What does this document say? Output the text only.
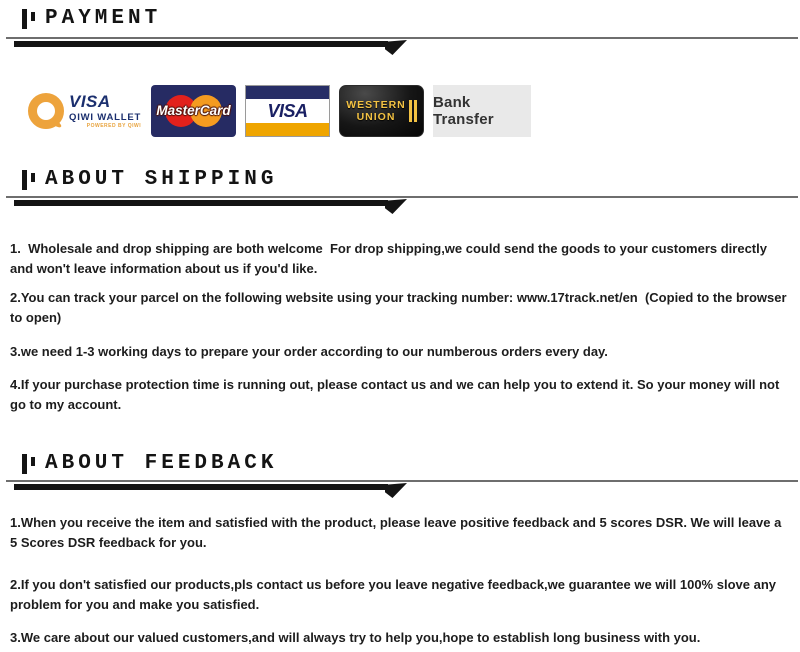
PAYMENT
VISA
QIWI WALLET
POWERED BY QIWI
MasterCard VISA	WESTERN
UNION
Bank Transfer
ABOUT SHIPPING

1.  Wholesale and drop shipping are both welcome  For drop shipping,we could send the goods to your customers directly and won't leave information about us if you'd like.

2.You can track your parcel on the following website using your tracking number: www.17track.net/en  (Copied to the browser to open)

3.we need 1-3 working days to prepare your order according to our numberous orders every day.

4.If your purchase protection time is running out, please contact us and we can help you to extend it. So your money will not go to my account.

ABOUT FEEDBACK

1.When you receive the item and satisfied with the product, please leave positive feedback and 5 scores DSR. We will leave a 5 Scores DSR feedback for you.

2.If you don't satisfied our products,pls contact us before you leave negative feedback,we guarantee we will 100% slove any problem for you and make you satisfied.

3.We care about our valued customers,and will always try to help you,hope to establish long business with you.
